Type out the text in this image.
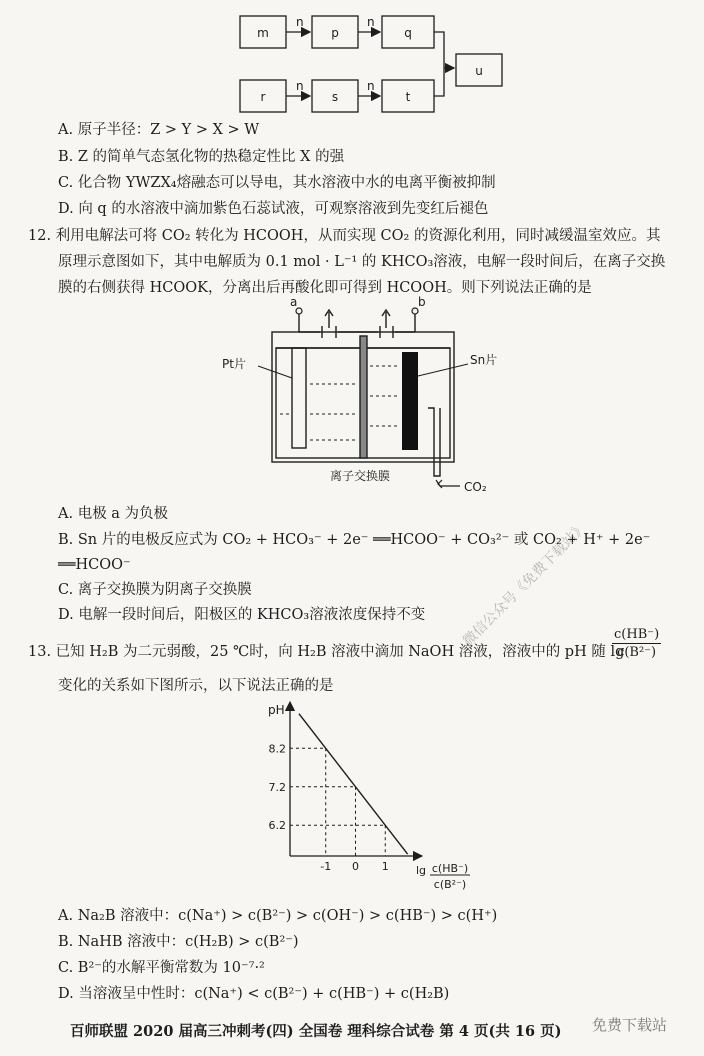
m	p	q
r	s	t
u
n	n
n	n
A. 原子半径：Z > Y > X > W
B. Z 的简单气态氢化物的热稳定性比 X 的强
C. 化合物 YWZX₄熔融态可以导电，其水溶液中水的电离平衡被抑制
D. 向 q 的水溶液中滴加紫色石蕊试液，可观察溶液到先变红后褪色
12. 利用电解法可将 CO₂ 转化为 HCOOH，从而实现 CO₂ 的资源化利用，同时减缓温室效应。其
原理示意图如下，其中电解质为 0.1 mol · L⁻¹ 的 KHCO₃溶液，电解一段时间后，在离子交换
膜的右侧获得 HCOOK，分离出后再酸化即可得到 HCOOH。则下列说法正确的是
a	b
Pt片	Sn片
离子交换膜
CO₂
A. 电极 a 为负极
B. Sn 片的电极反应式为 CO₂ + HCO₃⁻ + 2e⁻ ══HCOO⁻ + CO₃²⁻ 或 CO₂ + H⁺ + 2e⁻
══HCOO⁻
C. 离子交换膜为阴离子交换膜
D. 电解一段时间后，阳极区的 KHCO₃溶液浓度保持不变
13. 已知 H₂B 为二元弱酸，25 ℃时，向 H₂B 溶液中滴加 NaOH 溶液，溶液中的 pH 随 lg
$\frac{c(HB^-)}{\text{c(B²⁻)}}$
变化的关系如下图所示，以下说法正确的是
pH
-1 0 1
8.2
7.2
6.2
lg c(HB⁻)
c(B²⁻)
A. Na₂B 溶液中：c(Na⁺) > c(B²⁻) > c(OH⁻) > c(HB⁻) > c(H⁺)
B. NaHB 溶液中：c(H₂B) > c(B²⁻)
C. B²⁻的水解平衡常数为 10⁻⁷·²
D. 当溶液呈中性时：c(Na⁺) < c(B²⁻) + c(HB⁻) + c(H₂B)
微信公众号《免费下载站》
免费下载站
百师联盟 2020 届高三冲刺考(四) 全国卷 理科综合试卷 第 4 页(共 16 页)
